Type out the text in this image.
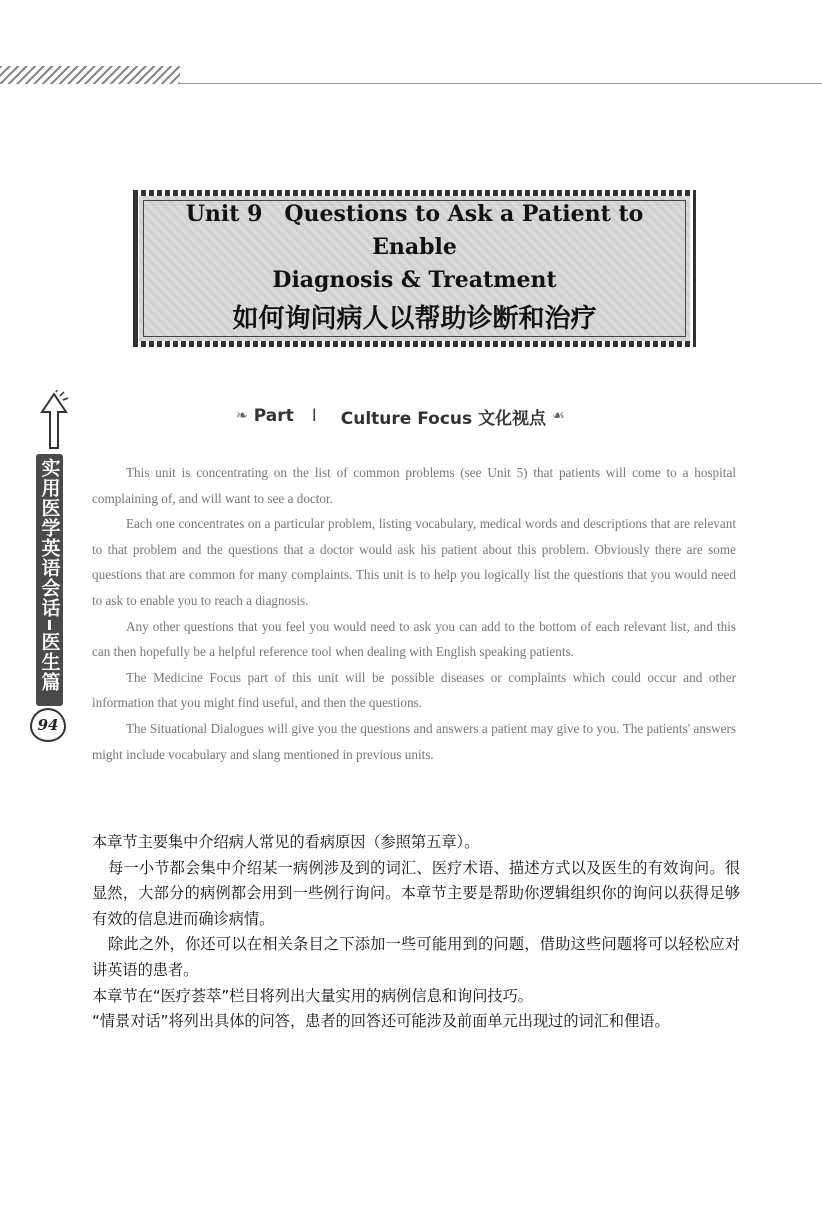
Unit 9 Questions to Ask a Patient to Enable
Diagnosis & Treatment
如何询问病人以帮助诊断和治疗
实用医学英语会话
医生篇
94
❧ Part Ⅰ Culture Focus 文化视点 ☙

This unit is concentrating on the list of common problems (see Unit 5) that patients will come to a hospital complaining of, and will want to see a doctor.

Each one concentrates on a particular problem, listing vocabulary, medical words and descriptions that are relevant to that problem and the questions that a doctor would ask his patient about this problem. Obviously there are some questions that are common for many complaints. This unit is to help you logically list the questions that you would need to ask to enable you to reach a diagnosis.

Any other questions that you feel you would need to ask you can add to the bottom of each relevant list, and this can then hopefully be a helpful reference tool when dealing with English speaking patients.

The Medicine Focus part of this unit will be possible diseases or complaints which could occur and other information that you might find useful, and then the questions.

The Situational Dialogues will give you the questions and answers a patient may give to you. The patients' answers might include vocabulary and slang mentioned in previous units.

本章节主要集中介绍病人常见的看病原因（参照第五章）。

每一小节都会集中介绍某一病例涉及到的词汇、医疗术语、描述方式以及医生的有效询问。很显然，大部分的病例都会用到一些例行询问。本章节主要是帮助你逻辑组织你的询问以获得足够有效的信息进而确诊病情。

除此之外，你还可以在相关条目之下添加一些可能用到的问题，借助这些问题将可以轻松应对讲英语的患者。

本章节在“医疗荟萃”栏目将列出大量实用的病例信息和询问技巧。

“情景对话”将列出具体的问答，患者的回答还可能涉及前面单元出现过的词汇和俚语。
